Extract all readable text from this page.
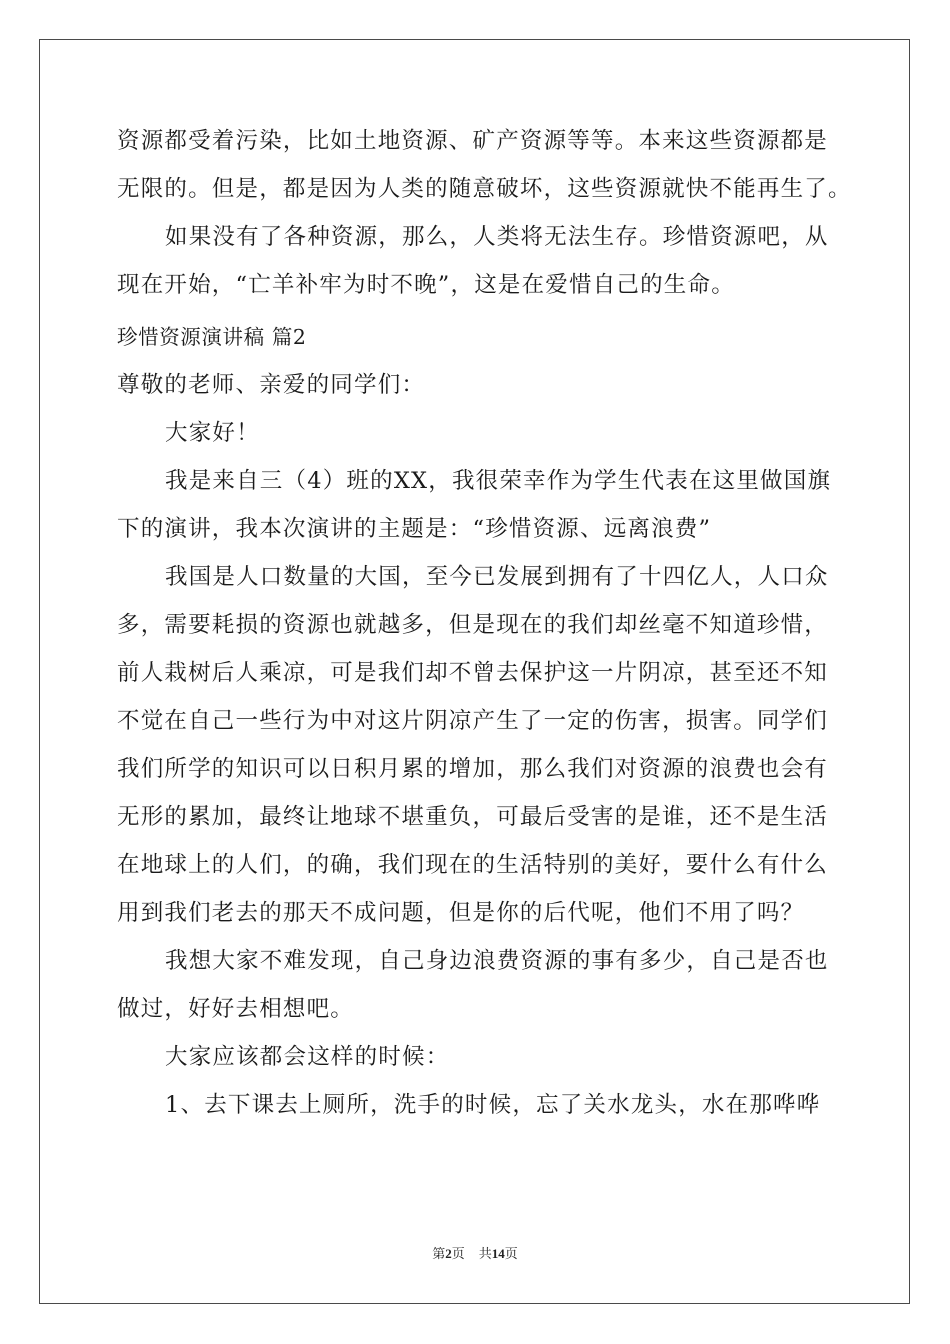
资源都受着污染，比如土地资源、矿产资源等等。本来这些资源都是
无限的。但是，都是因为人类的随意破坏，这些资源就快不能再生了。
如果没有了各种资源，那么，人类将无法生存。珍惜资源吧，从
现在开始，“亡羊补牢为时不晚”，这是在爱惜自己的生命。
珍惜资源演讲稿 篇2
尊敬的老师、亲爱的同学们：
大家好！
我是来自三（4）班的XX，我很荣幸作为学生代表在这里做国旗
下的演讲，我本次演讲的主题是：“珍惜资源、远离浪费”
我国是人口数量的大国，至今已发展到拥有了十四亿人，人口众
多，需要耗损的资源也就越多，但是现在的我们却丝毫不知道珍惜，
前人栽树后人乘凉，可是我们却不曾去保护这一片阴凉，甚至还不知
不觉在自己一些行为中对这片阴凉产生了一定的伤害，损害。同学们
我们所学的知识可以日积月累的增加，那么我们对资源的浪费也会有
无形的累加，最终让地球不堪重负，可最后受害的是谁，还不是生活
在地球上的人们，的确，我们现在的生活特别的美好，要什么有什么
用到我们老去的那天不成问题，但是你的后代呢，他们不用了吗？
我想大家不难发现，自己身边浪费资源的事有多少，自己是否也
做过，好好去相想吧。
大家应该都会这样的时候：
1、去下课去上厕所，洗手的时候，忘了关水龙头，水在那哗哗
第2页 共14页
